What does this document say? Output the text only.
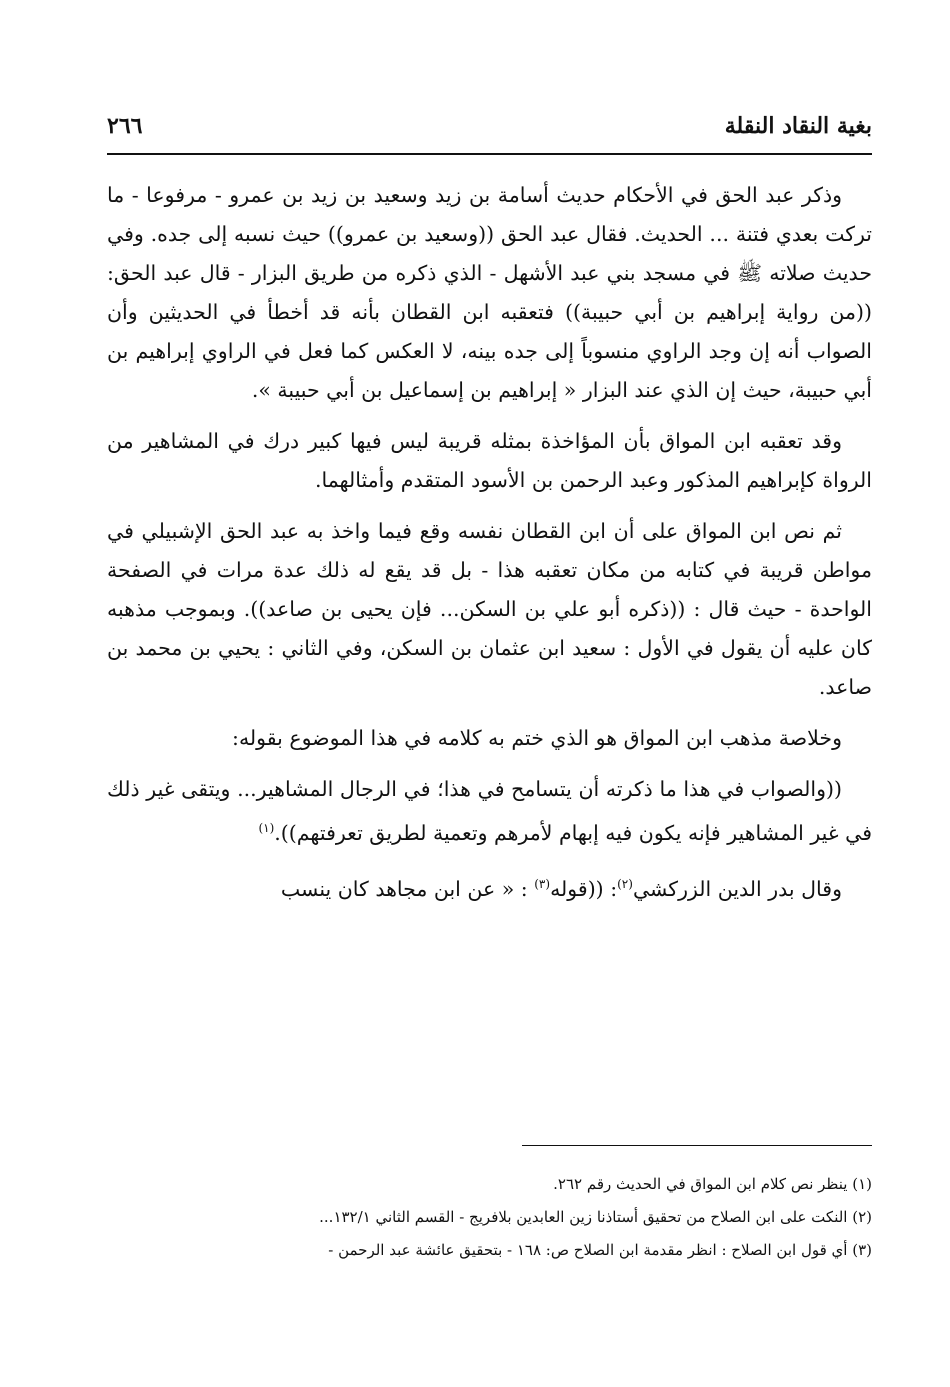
بغية النقاد النقلة
٢٦٦

وذكر عبد الحق في الأحكام حديث أسامة بن زيد وسعيد بن زيد بن عمرو - مرفوعا - ما تركت بعدي فتنة ... الحديث. فقال عبد الحق ((وسعيد بن عمرو)) حيث نسبه إلى جده. وفي حديث صلاته ﷺ في مسجد بني عبد الأشهل - الذي ذكره من طريق البزار - قال عبد الحق: ((من رواية إبراهيم بن أبي حبيبة)) فتعقبه ابن القطان بأنه قد أخطأ في الحديثين وأن الصواب أنه إن وجد الراوي منسوباً إلى جده بينه، لا العكس كما فعل في الراوي إبراهيم بن أبي حبيبة، حيث إن الذي عند البزار « إبراهيم بن إسماعيل بن أبي حبيبة ».

وقد تعقبه ابن المواق بأن المؤاخذة بمثله قريبة ليس فيها كبير درك في المشاهير من الرواة كإبراهيم المذكور وعبد الرحمن بن الأسود المتقدم وأمثالهما.

ثم نص ابن المواق على أن ابن القطان نفسه وقع فيما واخذ به عبد الحق الإشبيلي في مواطن قريبة في كتابه من مكان تعقبه هذا - بل قد يقع له ذلك عدة مرات في الصفحة الواحدة - حيث قال : ((ذكره أبو علي بن السكن... فإن يحيى بن صاعد)). وبموجب مذهبه كان عليه أن يقول في الأول : سعيد ابن عثمان بن السكن، وفي الثاني : يحيي بن محمد بن صاعد.

وخلاصة مذهب ابن المواق هو الذي ختم به كلامه في هذا الموضوع بقوله:

((والصواب في هذا ما ذكرته أن يتسامح في هذا؛ في الرجال المشاهير... ويتقى غير ذلك في غير المشاهير فإنه يكون فيه إبهام لأمرهم وتعمية لطريق تعرفتهم)).$^{(١)}$

وقال بدر الدين الزركشي$^{(٢)}$: ((قوله$^{(٣)}$ : « عن ابن مجاهد كان ينسب

(١) ينظر نص كلام ابن المواق في الحديث رقم ٢٦٢.
(٢) النكت على ابن الصلاح من تحقيق أستاذنا زين العابدين بلافريج - القسم الثاني ١٣٢/١...
(٣) أي قول ابن الصلاح : انظر مقدمة ابن الصلاح ص: ١٦٨ - بتحقيق عائشة عبد الرحمن -
